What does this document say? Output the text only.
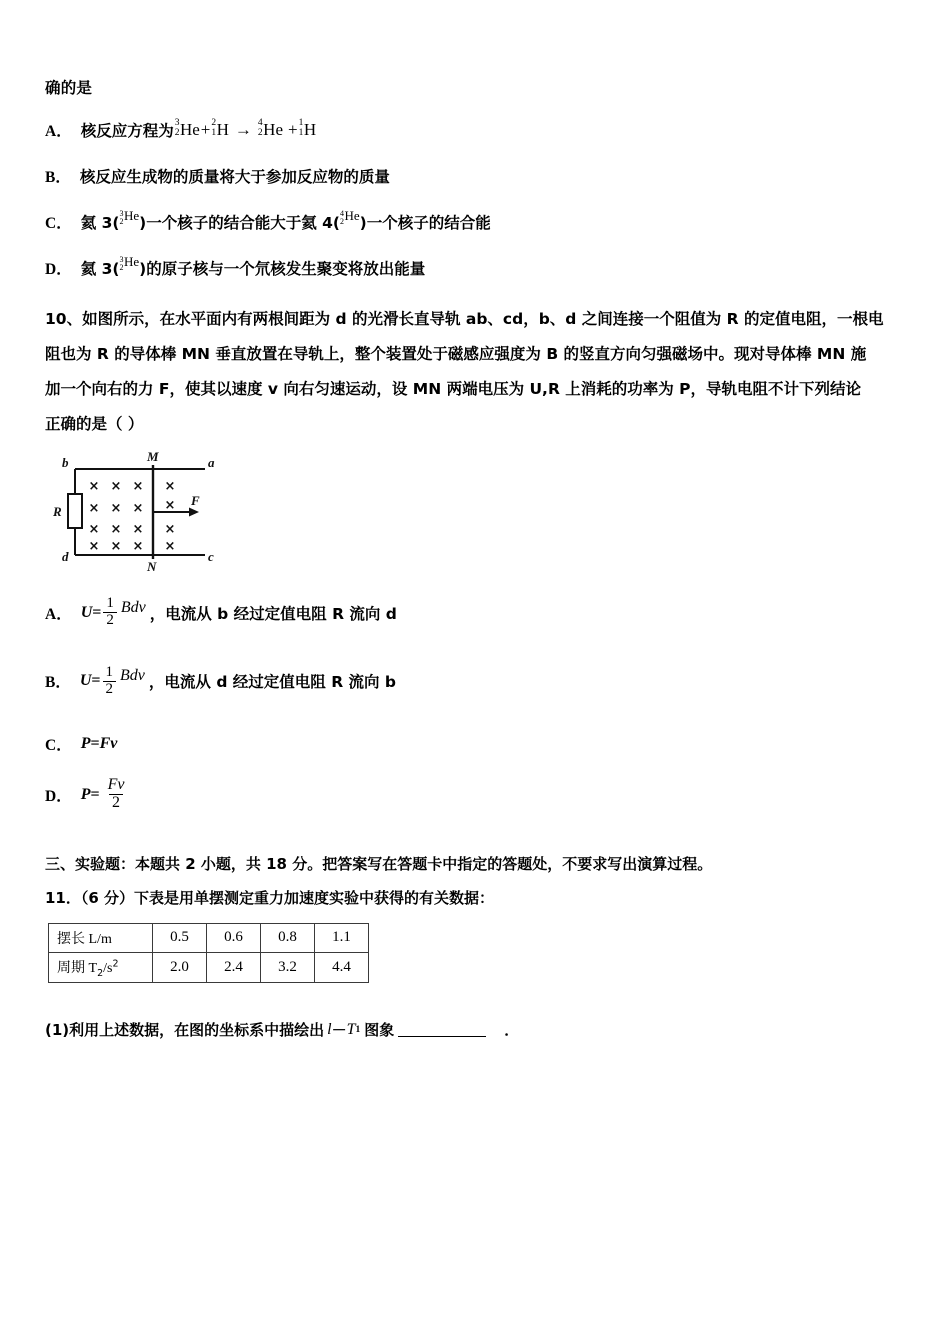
确的是
A． 核反应方程为 3
2 He + 2
1 H → 4
2 He + 1
1 H
B． 核反应生成物的质量将大于参加反应物的质量
C． 氦 3(
3
2 He )一个核子的结合能大于氦 4(
4
2 He )一个核子的结合能
D． 氦 3(
3
2 He )的原子核与一个氘核发生聚变将放出能量
10、如图所示，在水平面内有两根间距为 d 的光滑长直导轨 ab、cd，b、d 之间连接一个阻值为 R 的定值电阻，一根电
阻也为 R 的导体棒 MN 垂直放置在导轨上，整个装置处于磁感应强度为 B 的竖直方向匀强磁场中。现对导体棒 MN 施
加一个向右的力 F，使其以速度 v 向右匀速运动，设 MN 两端电压为 U,R 上消耗的功率为 P，导轨电阻不计下列结论
正确的是（ ）
× × × ×
× × × ×
× × × ×
× × × ×
b	a
d	c
M
N
R
F
A． $U = \frac{1}{2}$ Bdv ， 电流从 b 经过定值电阻 R 流向 d
B． $U = \frac{1}{2}$ Bdv ， 电流从 d 经过定值电阻 R 流向 b
C． P = Fv
D． $P = \frac{Fv}{2}$
三、实验题：本题共 2 小题，共 18 分。把答案写在答题卡中指定的答题处，不要求写出演算过程。
11．（6 分）下表是用单摆测定重力加速度实验中获得的有关数据：
摆长 L/m	0.5	0.6	0.8	1.1
周期 $T_2/s^2$	2.0	2.4	3.2	4.4
(1)利用上述数据，在图的坐标系中描绘出 l － T 1 图象	．
